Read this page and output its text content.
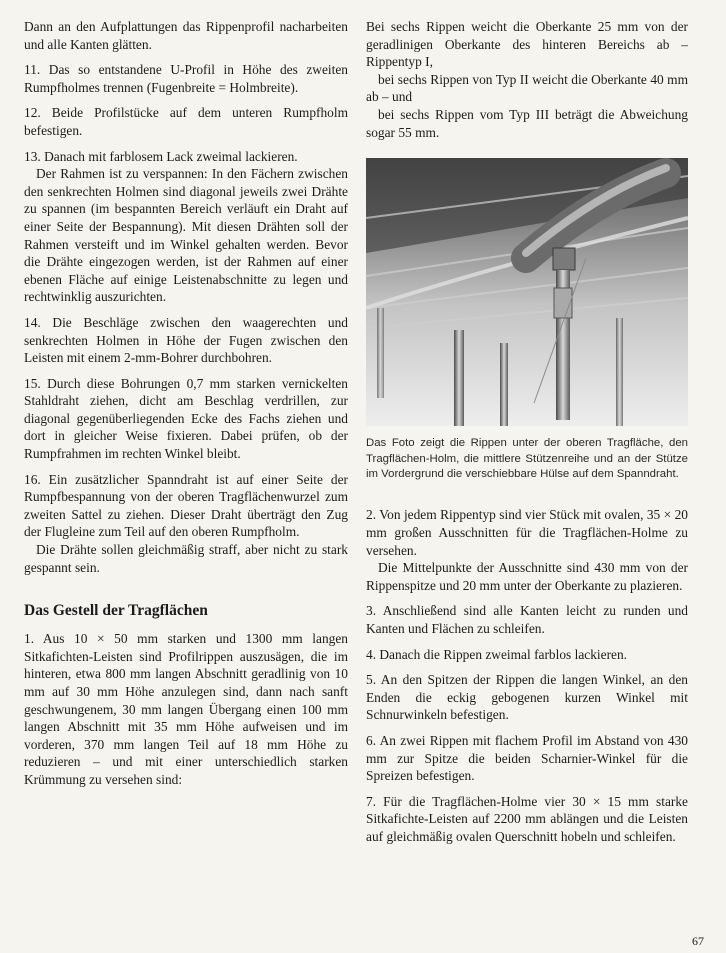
Dann an den Aufplattungen das Rippenprofil nacharbeiten und alle Kanten glätten.

11. Das so entstandene U-Profil in Höhe des zweiten Rumpfholmes trennen (Fugenbreite = Holmbreite).

12. Beide Profilstücke auf dem unteren Rumpfholm befestigen.

13. Danach mit farblosem Lack zweimal lackieren.

Der Rahmen ist zu verspannen: In den Fächern zwischen den senkrechten Holmen sind diagonal jeweils zwei Drähte zu spannen (im bespannten Bereich verläuft ein Draht auf einer Seite der Bespannung). Mit diesen Drähten soll der Rahmen versteift und im Winkel gehalten werden. Bevor die Drähte eingezogen werden, ist der Rahmen auf einer ebenen Fläche auf einige Leistenabschnitte zu legen und rechtwinklig auszurichten.

14. Die Beschläge zwischen den waagerechten und senkrechten Holmen in Höhe der Fugen zwischen den Leisten mit einem 2-mm-Bohrer durchbohren.

15. Durch diese Bohrungen 0,7 mm starken vernickelten Stahldraht ziehen, dicht am Beschlag verdrillen, zur diagonal gegenüberliegenden Ecke des Fachs ziehen und dort in gleicher Weise fixieren. Dabei prüfen, ob der Rumpfrahmen im rechten Winkel bleibt.

16. Ein zusätzlicher Spanndraht ist auf einer Seite der Rumpfbespannung von der oberen Tragflächenwurzel zum zweiten Sattel zu ziehen. Dieser Draht überträgt den Zug der Flugleine zum Teil auf den oberen Rumpfholm.

Die Drähte sollen gleichmäßig straff, aber nicht zu stark gespannt sein.

Das Gestell der Tragflächen

1. Aus 10 × 50 mm starken und 1300 mm langen Sitkafichten-Leisten sind Profilrippen auszusägen, die im hinteren, etwa 800 mm langen Abschnitt geradlinig von 10 mm auf 30 mm Höhe anzulegen sind, dann nach sanft geschwungenem, 30 mm langen Übergang einen 100 mm langen Abschnitt mit 35 mm Höhe aufweisen und im vorderen, 370 mm langen Teil auf 18 mm Höhe zu reduzieren – und mit einer unterschiedlich starken Krümmung zu versehen sind:

Bei sechs Rippen weicht die Oberkante 25 mm von der geradlinigen Oberkante des hinteren Bereichs ab – Rippentyp I,

bei sechs Rippen von Typ II weicht die Oberkante 40 mm ab – und

bei sechs Rippen vom Typ III beträgt die Abweichung sogar 55 mm.

Das Foto zeigt die Rippen unter der oberen Tragfläche, den Tragflächen-Holm, die mittlere Stützenreihe und an der Stütze im Vordergrund die verschiebbare Hülse auf dem Spanndraht.

2. Von jedem Rippentyp sind vier Stück mit ovalen, 35 × 20 mm großen Ausschnitten für die Tragflächen-Holme zu versehen.

Die Mittelpunkte der Ausschnitte sind 430 mm von der Rippenspitze und 20 mm unter der Oberkante zu plazieren.

3. Anschließend sind alle Kanten leicht zu runden und Kanten und Flächen zu schleifen.

4. Danach die Rippen zweimal farblos lackieren.

5. An den Spitzen der Rippen die langen Winkel, an den Enden die eckig gebogenen kurzen Winkel mit Schnurwinkeln befestigen.

6. An zwei Rippen mit flachem Profil im Abstand von 430 mm zur Spitze die beiden Scharnier-Winkel für die Spreizen befestigen.

7. Für die Tragflächen-Holme vier 30 × 15 mm starke Sitkafichte-Leisten auf 2200 mm ablängen und die Leisten auf gleichmäßig ovalen Querschnitt hobeln und schleifen.

67
